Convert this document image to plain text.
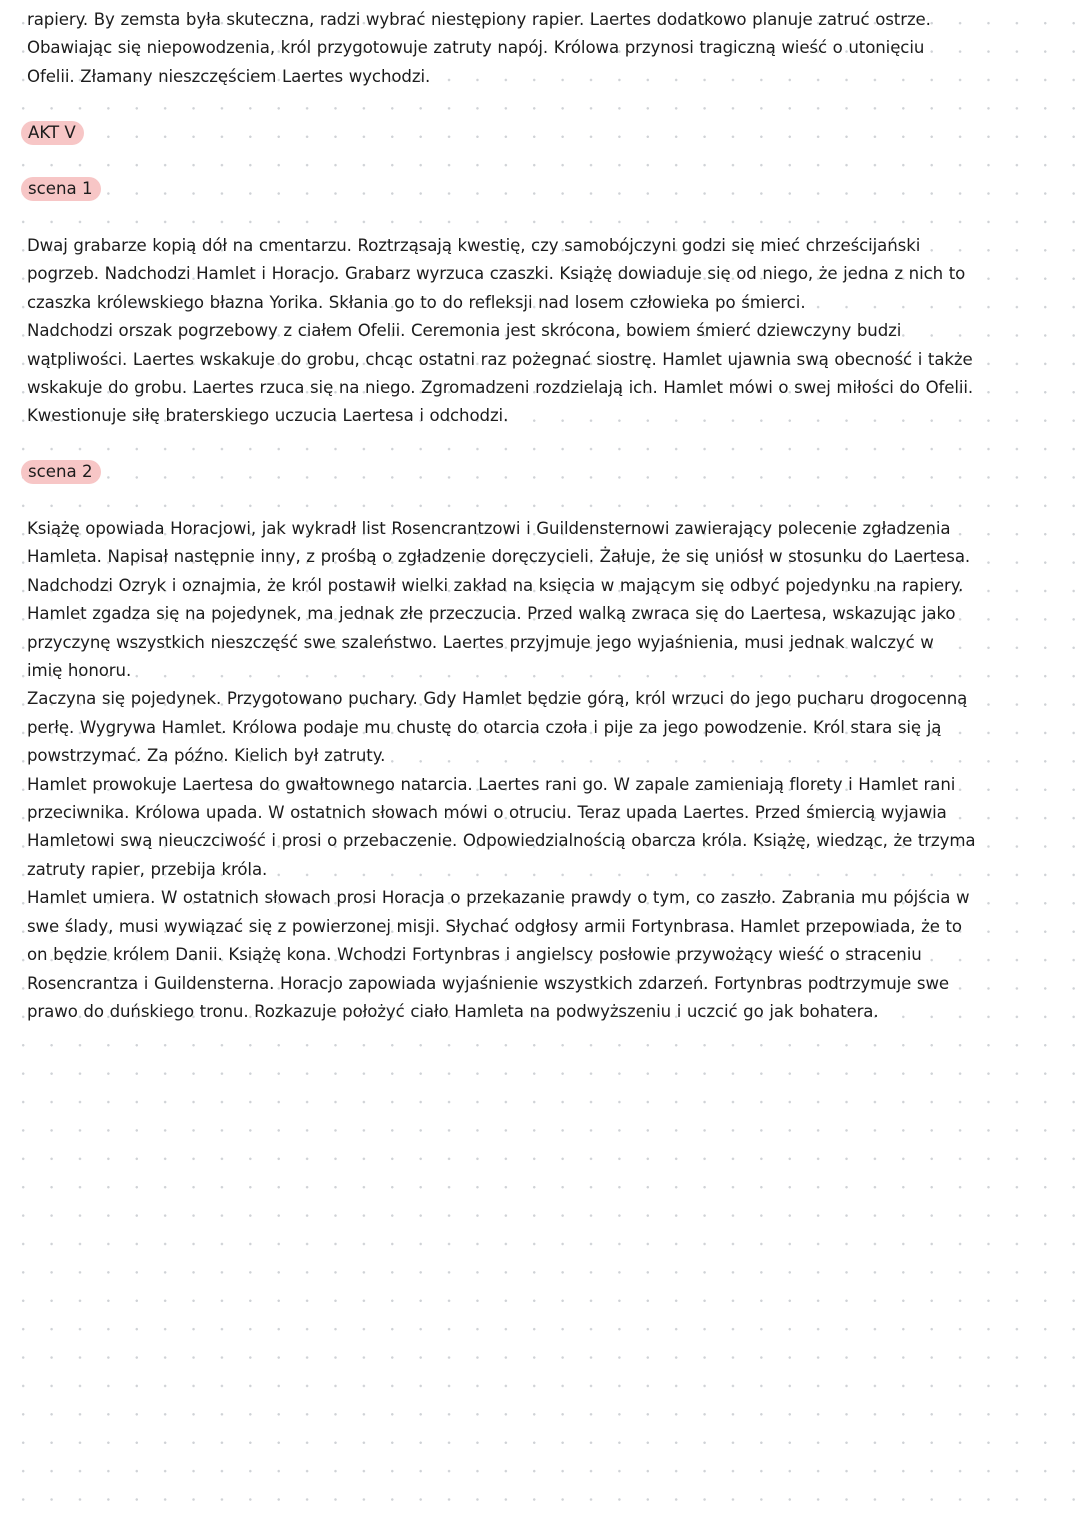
rapiery. By zemsta była skuteczna, radzi wybrać niestępiony rapier. Laertes dodatkowo planuje zatruć ostrze.

Obawiając się niepowodzenia, król przygotowuje zatruty napój. Królowa przynosi tragiczną wieść o utonięciu

Ofelii. Złamany nieszczęściem Laertes wychodzi.

AKT V
scena 1

Dwaj grabarze kopią dół na cmentarzu. Roztrząsają kwestię, czy samobójczyni godzi się mieć chrześcijański

pogrzeb. Nadchodzi Hamlet i Horacjo. Grabarz wyrzuca czaszki. Książę dowiaduje się od niego, że jedna z nich to

czaszka królewskiego błazna Yorika. Skłania go to do refleksji nad losem człowieka po śmierci.

Nadchodzi orszak pogrzebowy z ciałem Ofelii. Ceremonia jest skrócona, bowiem śmierć dziewczyny budzi

wątpliwości. Laertes wskakuje do grobu, chcąc ostatni raz pożegnać siostrę. Hamlet ujawnia swą obecność i także

wskakuje do grobu. Laertes rzuca się na niego. Zgromadzeni rozdzielają ich. Hamlet mówi o swej miłości do Ofelii.

Kwestionuje siłę braterskiego uczucia Laertesa i odchodzi.

scena 2

Książę opowiada Horacjowi, jak wykradł list Rosencrantzowi i Guildensternowi zawierający polecenie zgładzenia

Hamleta. Napisał następnie inny, z prośbą o zgładzenie doręczycieli. Żałuje, że się uniósł w stosunku do Laertesa.

Nadchodzi Ozryk i oznajmia, że król postawił wielki zakład na księcia w mającym się odbyć pojedynku na rapiery.

Hamlet zgadza się na pojedynek, ma jednak złe przeczucia. Przed walką zwraca się do Laertesa, wskazując jako

przyczynę wszystkich nieszczęść swe szaleństwo. Laertes przyjmuje jego wyjaśnienia, musi jednak walczyć w

imię honoru.

Zaczyna się pojedynek. Przygotowano puchary. Gdy Hamlet będzie górą, król wrzuci do jego pucharu drogocenną

perłę. Wygrywa Hamlet. Królowa podaje mu chustę do otarcia czoła i pije za jego powodzenie. Król stara się ją

powstrzymać. Za późno. Kielich był zatruty.

Hamlet prowokuje Laertesa do gwałtownego natarcia. Laertes rani go. W zapale zamieniają florety i Hamlet rani

przeciwnika. Królowa upada. W ostatnich słowach mówi o otruciu. Teraz upada Laertes. Przed śmiercią wyjawia

Hamletowi swą nieuczciwość i prosi o przebaczenie. Odpowiedzialnością obarcza króla. Książę, wiedząc, że trzyma

zatruty rapier, przebija króla.

Hamlet umiera. W ostatnich słowach prosi Horacja o przekazanie prawdy o tym, co zaszło. Zabrania mu pójścia w

swe ślady, musi wywiązać się z powierzonej misji. Słychać odgłosy armii Fortynbrasa. Hamlet przepowiada, że to

on będzie królem Danii. Książę kona. Wchodzi Fortynbras i angielscy posłowie przywożący wieść o straceniu

Rosencrantza i Guildensterna. Horacjo zapowiada wyjaśnienie wszystkich zdarzeń. Fortynbras podtrzymuje swe

prawo do duńskiego tronu. Rozkazuje położyć ciało Hamleta na podwyższeniu i uczcić go jak bohatera.
